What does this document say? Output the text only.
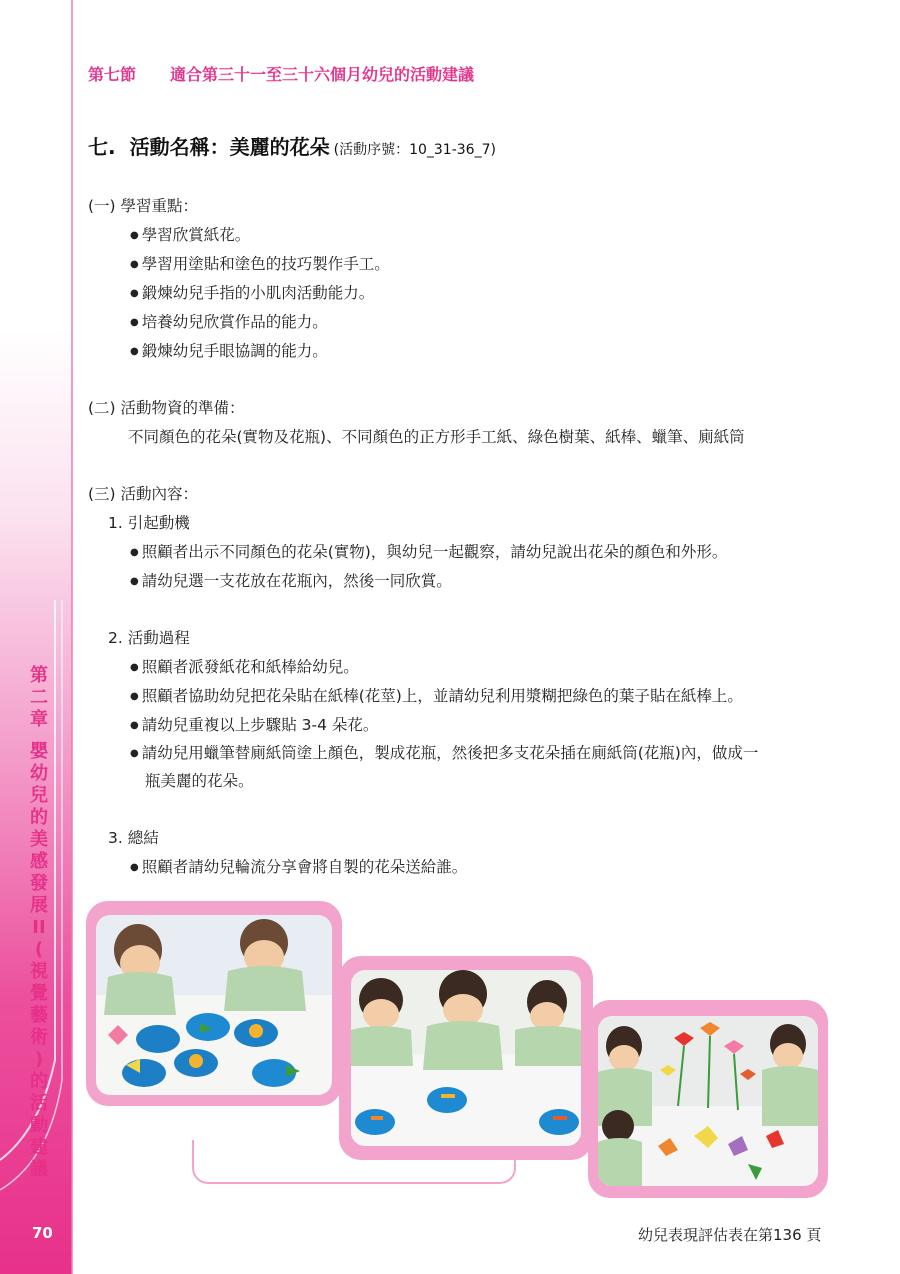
第
二
章
嬰
幼
兒
的
美
感
發
展
II
(
視
覺
藝
術
)
的
活
動
建
議
70
第七節 適合第三十一至三十六個月幼兒的活動建議
七. 活動名稱：美麗的花朵 (活動序號：10_31-36_7)
(一) 學習重點：
● 學習欣賞紙花。
● 學習用塗貼和塗色的技巧製作手工。
● 鍛煉幼兒手指的小肌肉活動能力。
● 培養幼兒欣賞作品的能力。
● 鍛煉幼兒手眼協調的能力。
(二) 活動物資的準備：
不同顏色的花朵(實物及花瓶)、不同顏色的正方形手工紙、綠色樹葉、紙棒、蠟筆、廁紙筒
(三) 活動內容：
1. 引起動機
● 照顧者出示不同顏色的花朵(實物)，與幼兒一起觀察，請幼兒說出花朵的顏色和外形。
● 請幼兒選一支花放在花瓶內，然後一同欣賞。
2. 活動過程
● 照顧者派發紙花和紙棒給幼兒。
● 照顧者協助幼兒把花朵貼在紙棒(花莖)上，並請幼兒利用漿糊把綠色的葉子貼在紙棒上。
● 請幼兒重複以上步驟貼 3-4 朵花。
● 請幼兒用蠟筆替廁紙筒塗上顏色，製成花瓶，然後把多支花朵插在廁紙筒(花瓶)內，做成一
瓶美麗的花朵。
3. 總結
● 照顧者請幼兒輪流分享會將自製的花朵送給誰。
幼兒表現評估表在第136 頁
